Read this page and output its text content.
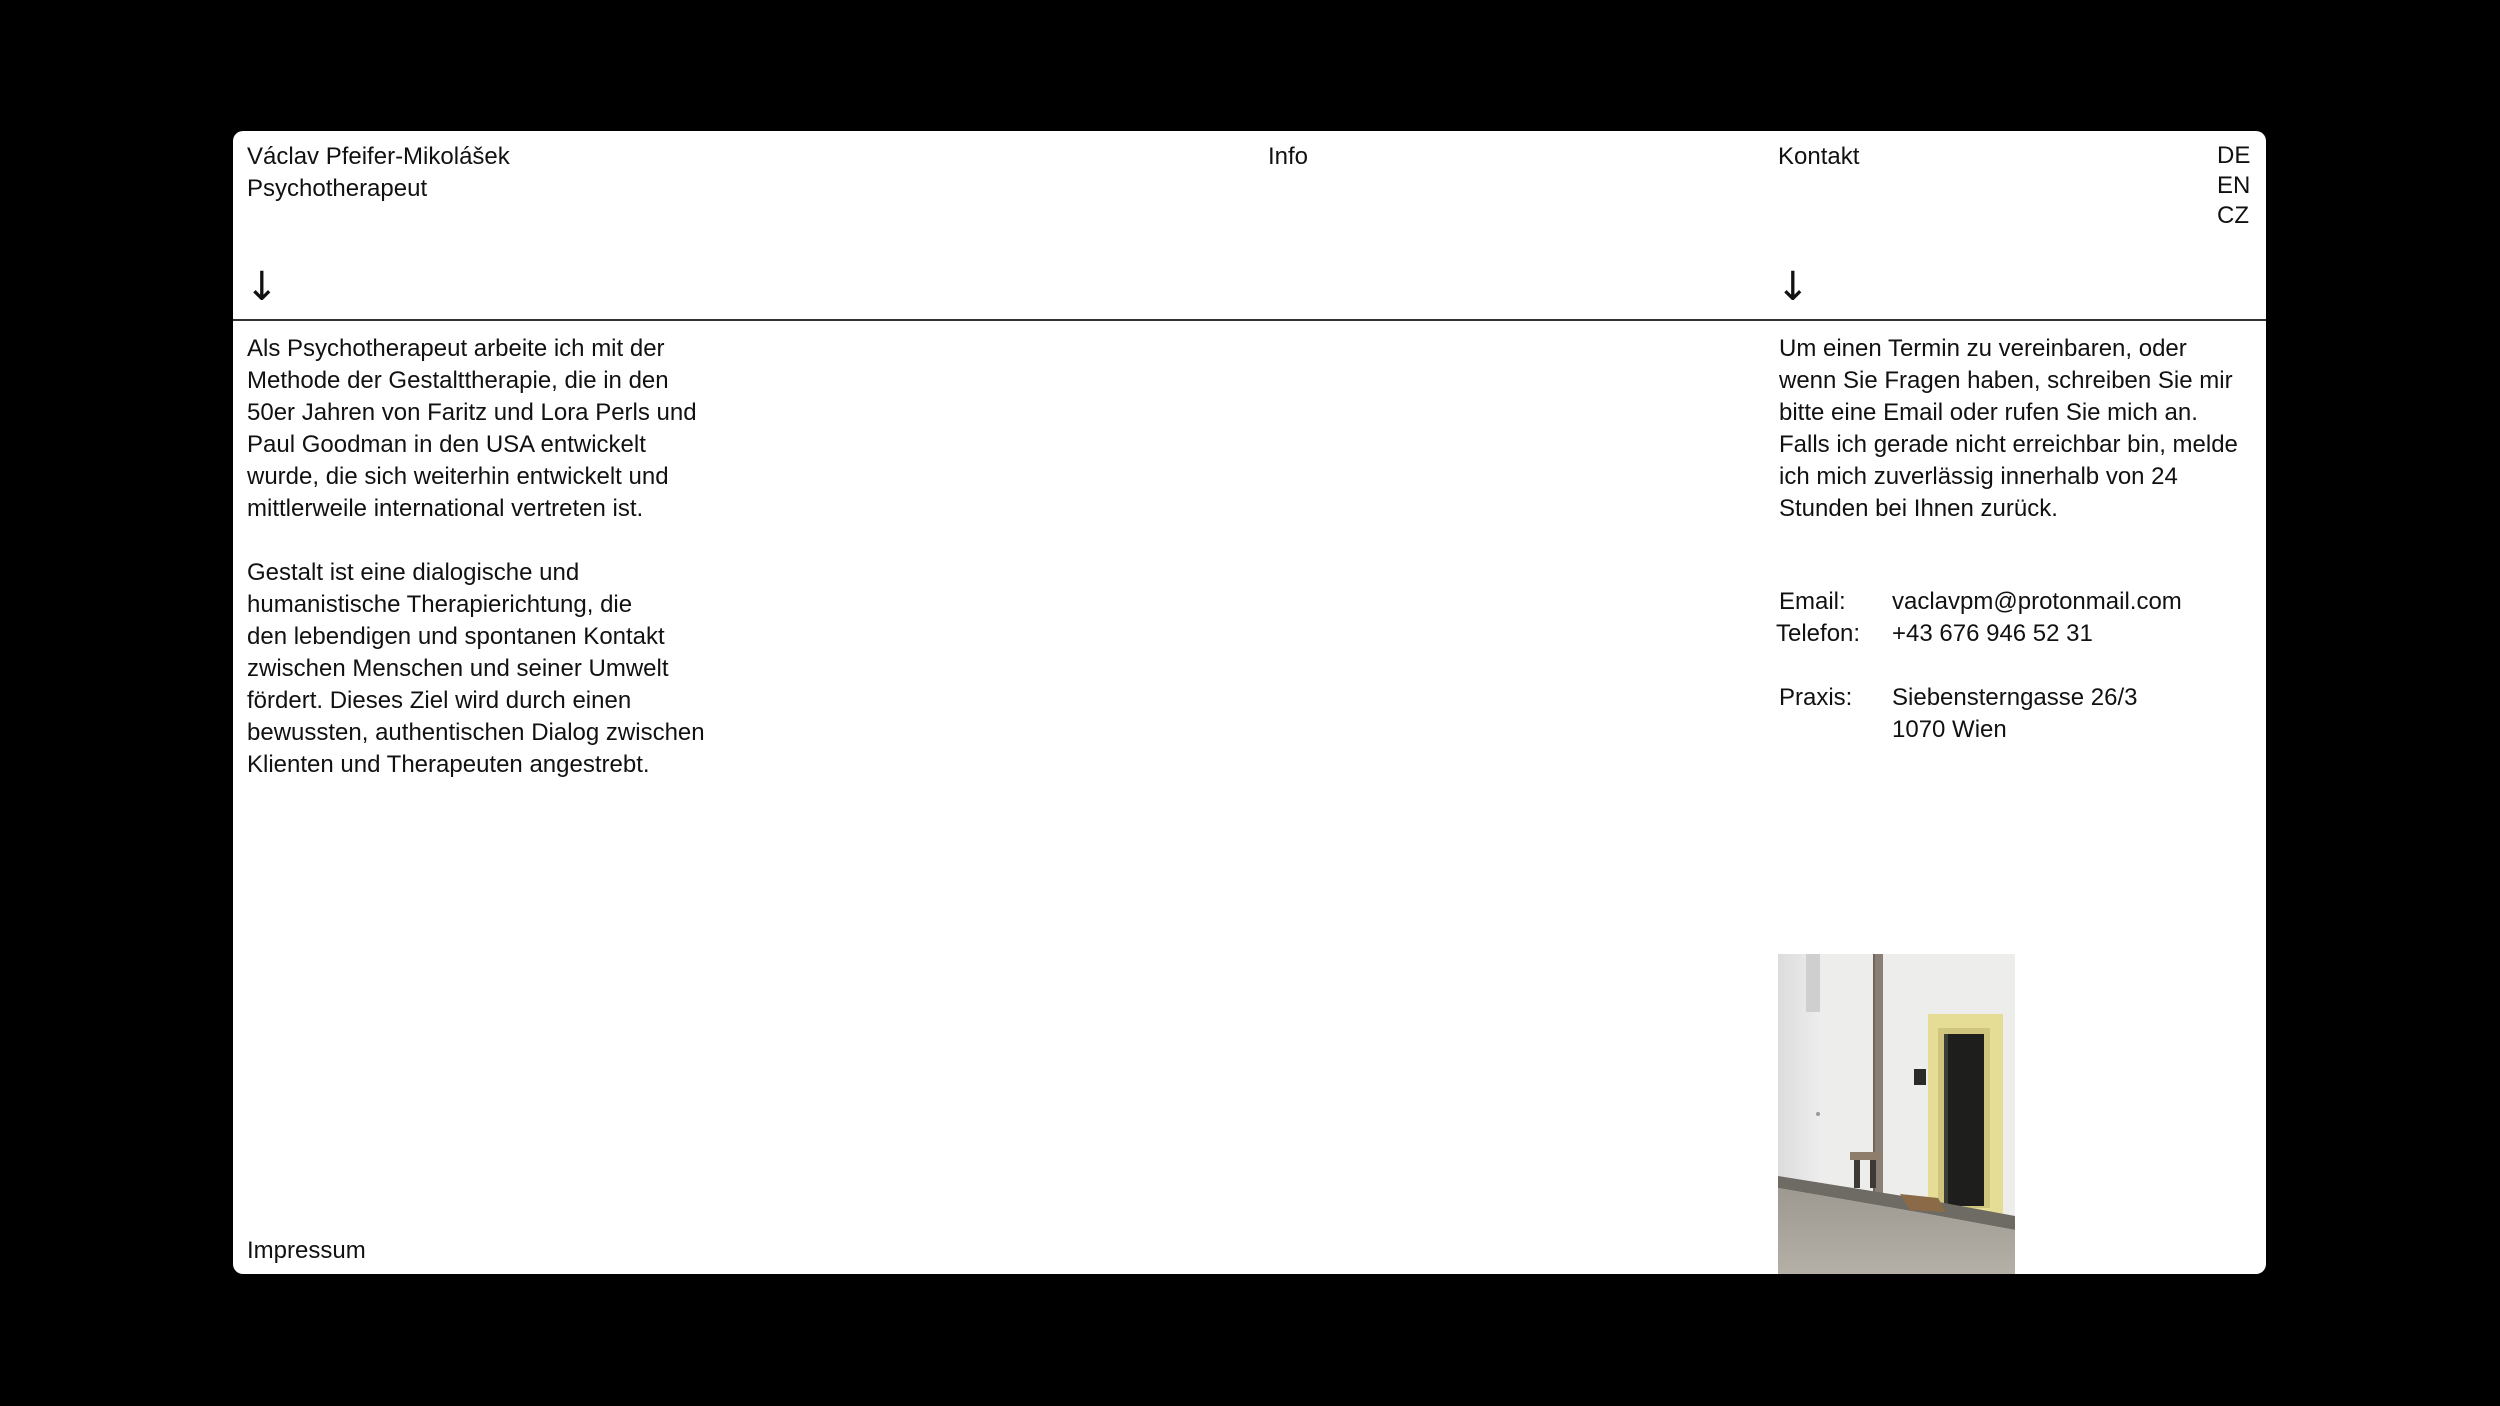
Václav Pfeifer-Mikolášek
Psychotherapeut
Info	Kontakt	DE
EN
CZ
↓	↓
Als Psychotherapeut arbeite ich mit der
Methode der Gestalttherapie, die in den
50er Jahren von Faritz und Lora Perls und
Paul Goodman in den USA entwickelt
wurde, die sich weiterhin entwickelt und
mittlerweile international vertreten ist.
Gestalt ist eine dialogische und
humanistische Therapierichtung, die
den lebendigen und spontanen Kontakt
zwischen Menschen und seiner Umwelt
fördert. Dieses Ziel wird durch einen
bewussten, authentischen Dialog zwischen
Klienten und Therapeuten angestrebt.
Um einen Termin zu vereinbaren, oder
wenn Sie Fragen haben, schreiben Sie mir
bitte eine Email oder rufen Sie mich an.
Falls ich gerade nicht erreichbar bin, melde
ich mich zuverlässig innerhalb von 24
Stunden bei Ihnen zurück.
Email: vaclavpm@protonmail.com
Telefon: +43 676 946 52 31
Praxis: Siebensterngasse 26/3
1070 Wien
Impressum
